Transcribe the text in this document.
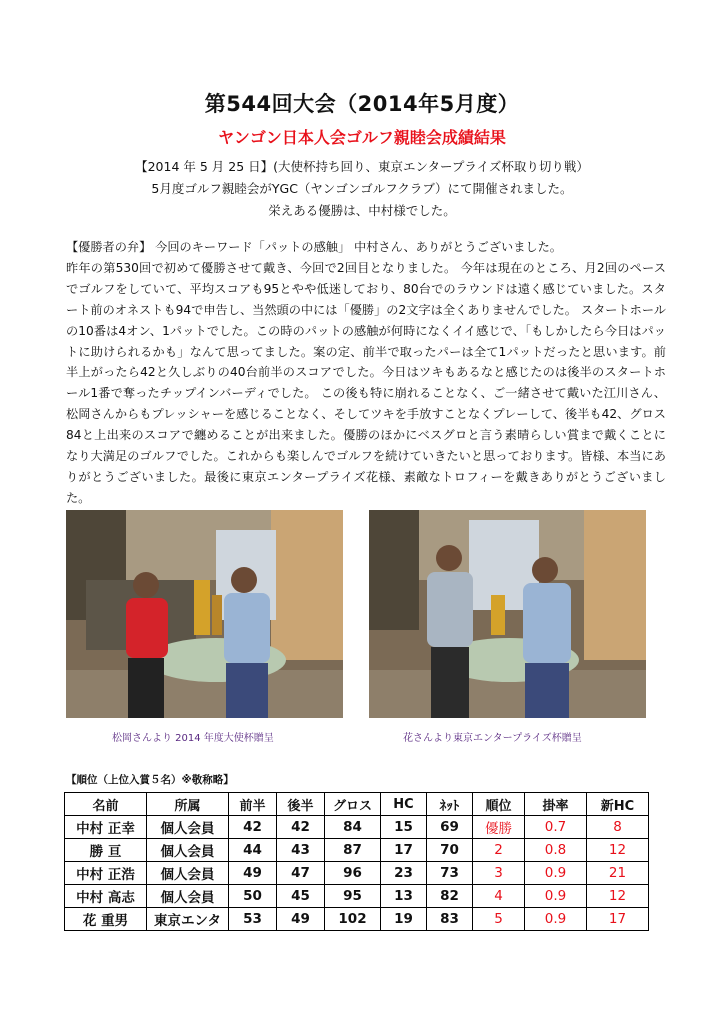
第544回大会（2014年5月度）
ヤンゴン日本人会ゴルフ親睦会成績結果
【2014 年 5 月 25 日】(大使杯持ち回り、東京エンタープライズ杯取り切り戦）
5月度ゴルフ親睦会がYGC（ヤンゴンゴルフクラブ）にて開催されました。
栄えある優勝は、中村様でした。

【優勝者の弁】 今回のキーワード「パットの感触」 中村さん、ありがとうございました。

昨年の第530回で初めて優勝させて戴き、今回で2回目となりました。 今年は現在のところ、月2回のペースでゴルフをしていて、平均スコアも95とやや低迷しており、80台でのラウンドは遠く感じていました。スタート前のオネストも94で申告し、当然頭の中には「優勝」の2文字は全くありませんでした。 スタートホールの10番は4オン、1パットでした。この時のパットの感触が何時になくイイ感じで、「もしかしたら今日はパットに助けられるかも」なんて思ってました。案の定、前半で取ったパーは全て1パットだったと思います。前半上がったら42と久しぶりの40台前半のスコアでした。今日はツキもあるなと感じたのは後半のスタートホール1番で奪ったチップインバーディでした。 この後も特に崩れることなく、ご一緒させて戴いた江川さん、松岡さんからもプレッシャーを感じることなく、そしてツキを手放すことなくプレーして、後半も42、グロス84と上出来のスコアで纏めることが出来ました。優勝のほかにベスグロと言う素晴らしい賞まで戴くことになり大満足のゴルフでした。これからも楽しんでゴルフを続けていきたいと思っております。皆様、本当にありがとうございました。最後に東京エンタープライズ花様、素敵なトロフィーを戴きありがとうございました。

松岡さんより 2014 年度大使杯贈呈	花さんより東京エンタープライズ杯贈呈
【順位（上位入賞５名）※敬称略】
名前	所属	前半	後半	グロス	HC	ﾈｯﾄ	順位	掛率	新HC
中村 正幸	個人会員	42	42	84	15	69	優勝	0.7	8
勝 亘	個人会員	44	43	87	17	70	2	0.8	12
中村 正浩	個人会員	49	47	96	23	73	3	0.9	21
中村 高志	個人会員	50	45	95	13	82	4	0.9	12
花 重男	東京エンタ	53	49	102	19	83	5	0.9	17
